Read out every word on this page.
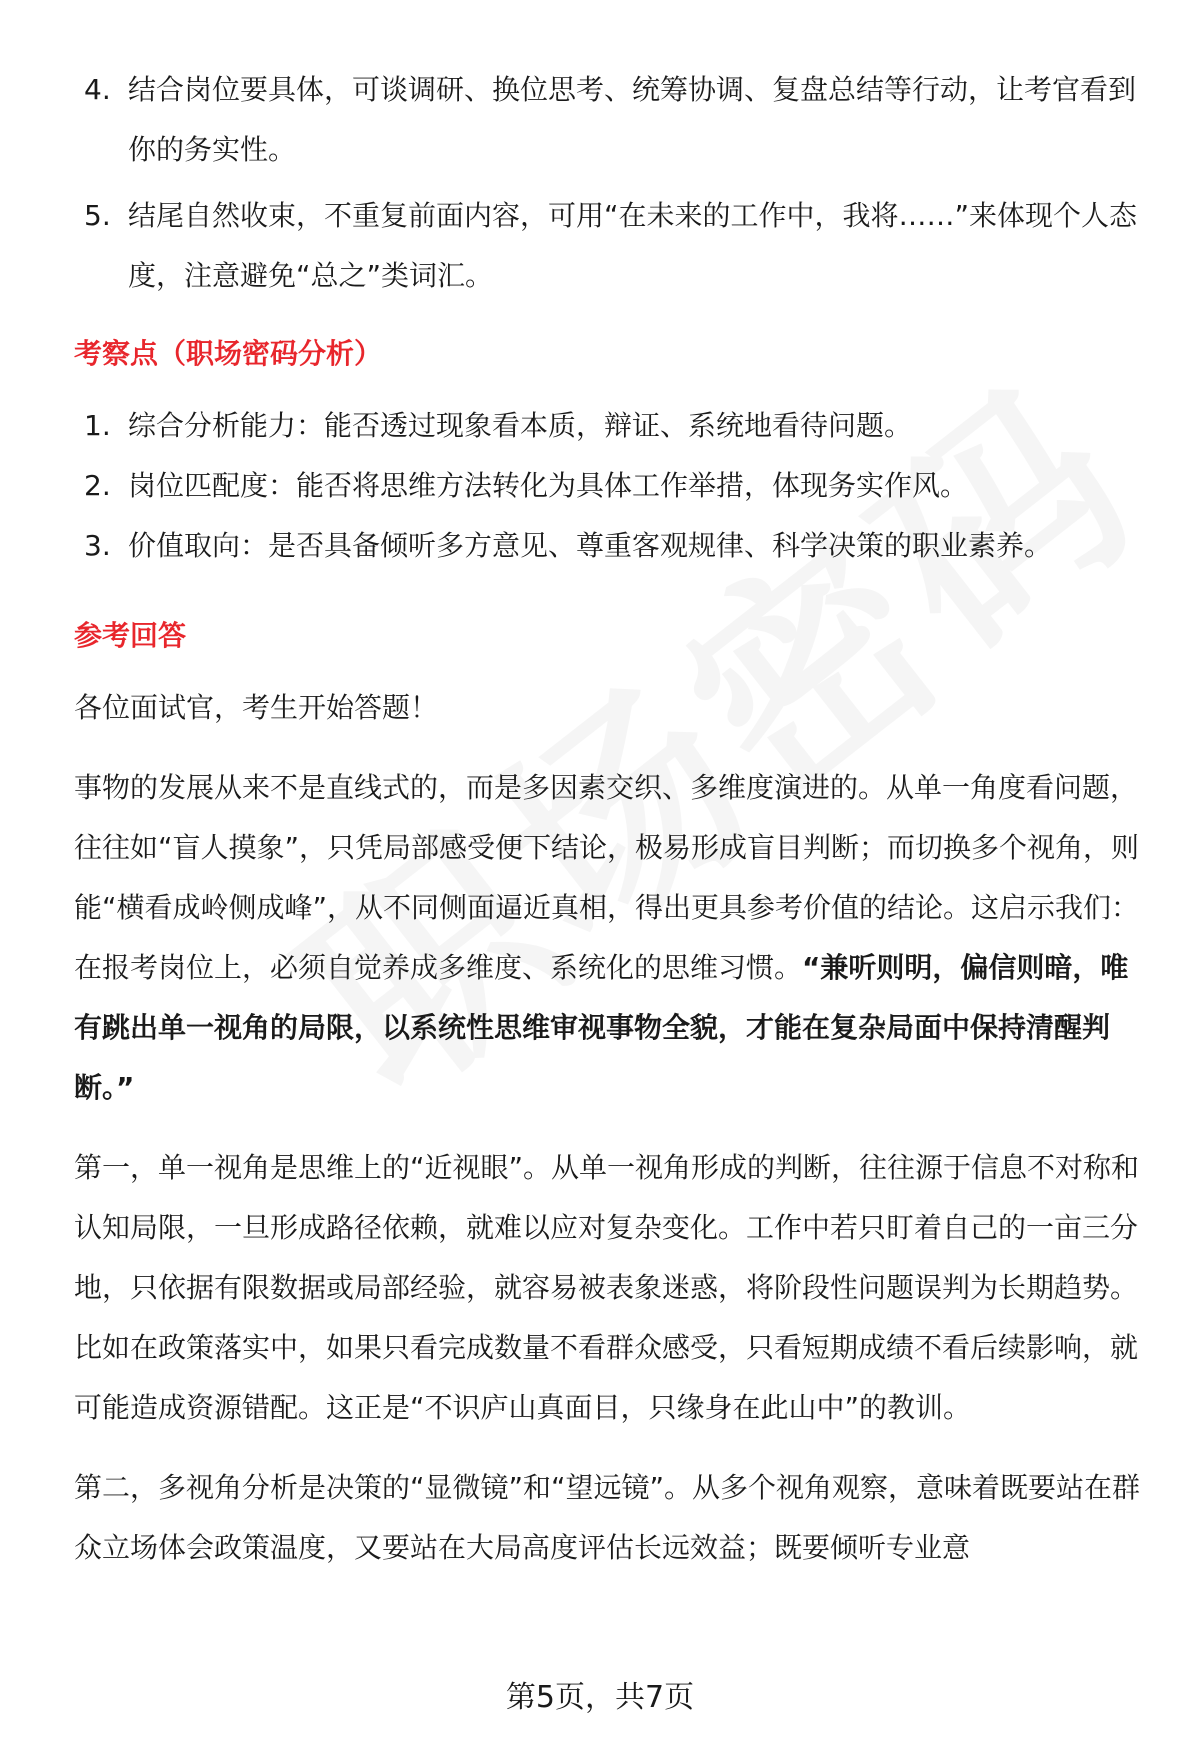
4. 结合岗位要具体，可谈调研、换位思考、统筹协调、复盘总结等行动，让考官看到你的务实性。
5. 结尾自然收束，不重复前面内容，可用“在未来的工作中，我将……”来体现个人态度，注意避免“总之”类词汇。
考察点（职场密码分析）
1. 综合分析能力：能否透过现象看本质，辩证、系统地看待问题。
2. 岗位匹配度：能否将思维方法转化为具体工作举措，体现务实作风。
3. 价值取向：是否具备倾听多方意见、尊重客观规律、科学决策的职业素养。
参考回答

各位面试官，考生开始答题！

事物的发展从来不是直线式的，而是多因素交织、多维度演进的。从单一角度看问题，往往如“盲人摸象”，只凭局部感受便下结论，极易形成盲目判断；而切换多个视角，则能“横看成岭侧成峰”，从不同侧面逼近真相，得出更具参考价值的结论。这启示我们：在报考岗位上，必须自觉养成多维度、系统化的思维习惯。“兼听则明，偏信则暗，唯有跳出单一视角的局限，以系统性思维审视事物全貌，才能在复杂局面中保持清醒判断。”

第一，单一视角是思维上的“近视眼”。从单一视角形成的判断，往往源于信息不对称和认知局限，一旦形成路径依赖，就难以应对复杂变化。工作中若只盯着自己的一亩三分地，只依据有限数据或局部经验，就容易被表象迷惑，将阶段性问题误判为长期趋势。比如在政策落实中，如果只看完成数量不看群众感受，只看短期成绩不看后续影响，就可能造成资源错配。这正是“不识庐山真面目，只缘身在此山中”的教训。

第二，多视角分析是决策的“显微镜”和“望远镜”。从多个视角观察，意味着既要站在群众立场体会政策温度，又要站在大局高度评估长远效益；既要倾听专业意

第5页，共7页
